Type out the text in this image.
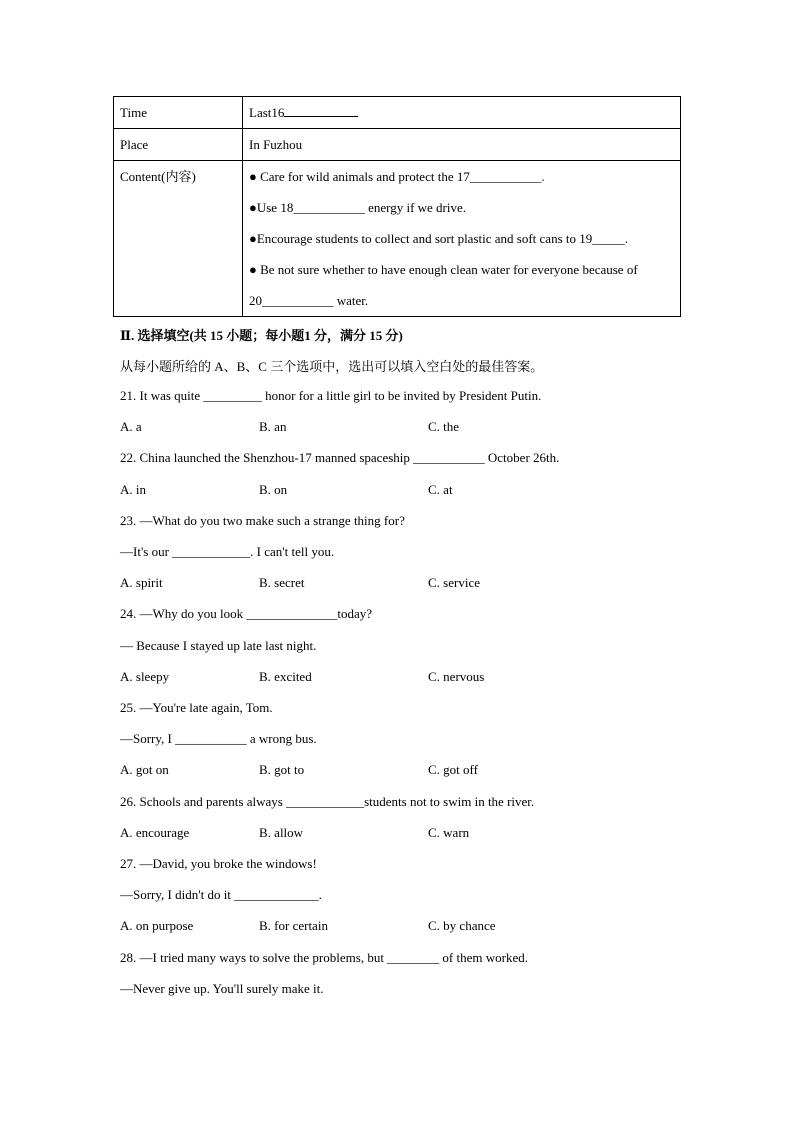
Time	Last16
Place	In Fuzhou
Content(内容)	● Care for wild animals and protect the 17___________.
●Use 18___________ energy if we drive.
●Encourage students to collect and sort plastic and soft cans to 19_____.
● Be not sure whether to have enough clean water for everyone because of
20___________ water.
Ⅱ. 选择填空(共 15 小题；每小题1 分，满分 15 分)
从每小题所给的 A、B、C 三个选项中，选出可以填入空白处的最佳答案。
21. It was quite _________ honor for a little girl to be invited by President Putin.
A. a	B. an	C. the
22. China launched the Shenzhou-17 manned spaceship ___________ October 26th.
A. in	B. on	C. at
23. —What do you two make such a strange thing for?
—It's our ____________. I can't tell you.
A. spirit	B. secret	C. service
24. —Why do you look ______________today?
— Because I stayed up late last night.
A. sleepy	B. excited	C. nervous
25. —You're late again, Tom.
—Sorry, I ___________ a wrong bus.
A. got on	B. got to	C. got off
26. Schools and parents always ____________students not to swim in the river.
A. encourage	B. allow	C. warn
27. —David, you broke the windows!
—Sorry, I didn't do it _____________.
A. on purpose	B. for certain	C. by chance
28. —I tried many ways to solve the problems, but ________ of them worked.
—Never give up. You'll surely make it.
